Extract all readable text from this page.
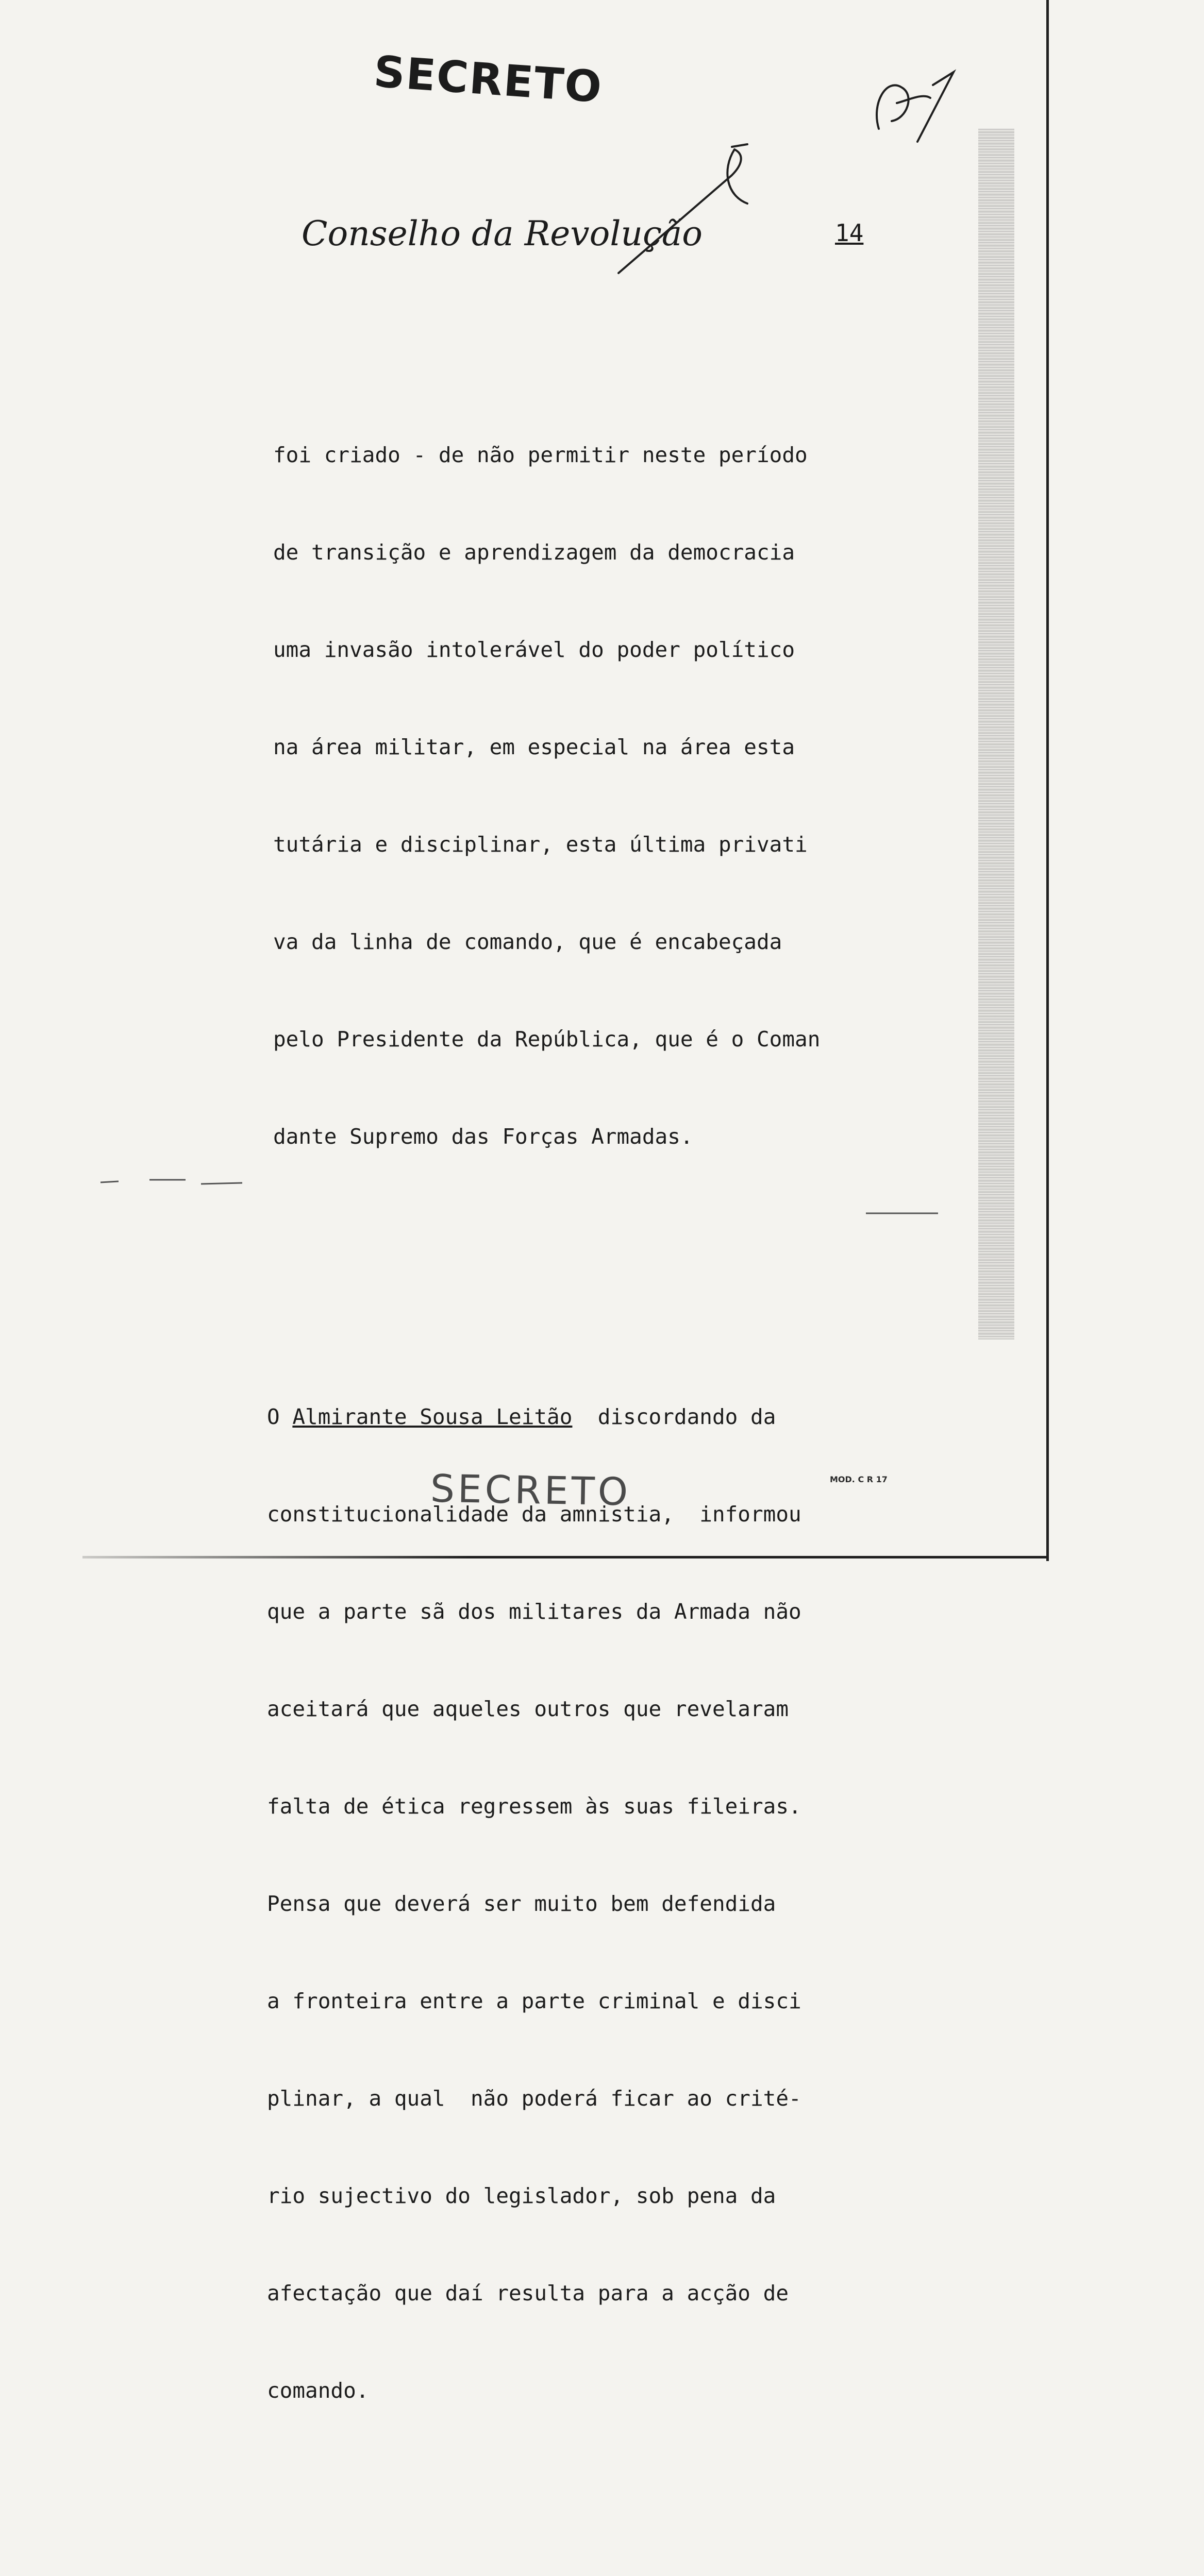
SECRETO
Conselho da Revolução	14

foi criado - de não permitir neste período

de transição e aprendizagem da democracia

uma invasão intolerável do poder político

na área militar, em especial na área esta

tutária e disciplinar, esta última privati

va da linha de comando, que é encabeçada

pelo Presidente da República, que é o Coman

dante Supremo das Forças Armadas.

O Almirante Sousa Leitão  discordando da

constitucionalidade da amnistia,  informou

que a parte sã dos militares da Armada não

aceitará que aqueles outros que revelaram

falta de ética regressem às suas fileiras.

Pensa que deverá ser muito bem defendida

a fronteira entre a parte criminal e disci

plinar, a qual  não poderá ficar ao crité-

rio sujectivo do legislador, sob pena da

afectação que daí resulta para a acção de

comando.

SECRETO	MOD. C R 17
